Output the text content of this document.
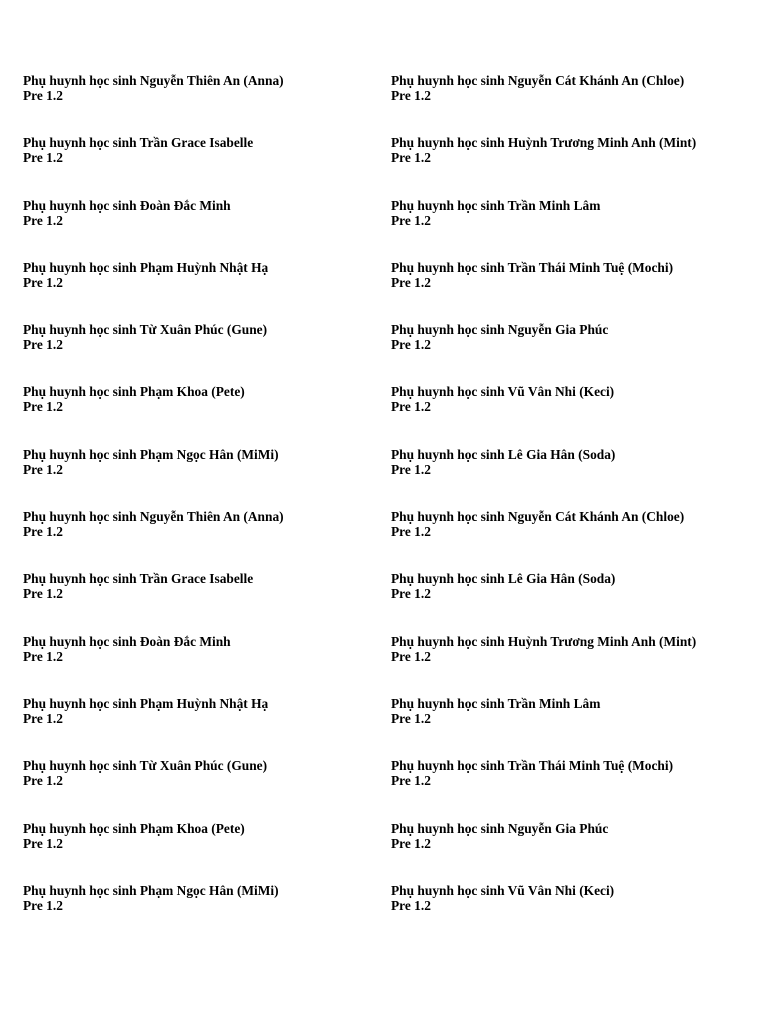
Phụ huynh học sinh Nguyễn Thiên An (Anna)
Pre 1.2
Phụ huynh học sinh Nguyễn Cát Khánh An (Chloe)
Pre 1.2
Phụ huynh học sinh Trần Grace Isabelle
Pre 1.2
Phụ huynh học sinh Huỳnh Trương Minh Anh (Mint)
Pre 1.2
Phụ huynh học sinh Đoàn Đắc Minh
Pre 1.2
Phụ huynh học sinh Trần Minh Lâm
Pre 1.2
Phụ huynh học sinh Phạm Huỳnh Nhật Hạ
Pre 1.2
Phụ huynh học sinh Trần Thái Minh Tuệ (Mochi)
Pre 1.2
Phụ huynh học sinh Từ Xuân Phúc (Gune)
Pre 1.2
Phụ huynh học sinh Nguyễn Gia Phúc
Pre 1.2
Phụ huynh học sinh Phạm Khoa (Pete)
Pre 1.2
Phụ huynh học sinh Vũ Vân Nhi (Keci)
Pre 1.2
Phụ huynh học sinh Phạm Ngọc Hân (MiMi)
Pre 1.2
Phụ huynh học sinh Lê Gia Hân (Soda)
Pre 1.2
Phụ huynh học sinh Nguyễn Thiên An (Anna)
Pre 1.2
Phụ huynh học sinh Nguyễn Cát Khánh An (Chloe)
Pre 1.2
Phụ huynh học sinh Trần Grace Isabelle
Pre 1.2
Phụ huynh học sinh Lê Gia Hân (Soda)
Pre 1.2
Phụ huynh học sinh Đoàn Đắc Minh
Pre 1.2
Phụ huynh học sinh Huỳnh Trương Minh Anh (Mint)
Pre 1.2
Phụ huynh học sinh Phạm Huỳnh Nhật Hạ
Pre 1.2
Phụ huynh học sinh Trần Minh Lâm
Pre 1.2
Phụ huynh học sinh Từ Xuân Phúc (Gune)
Pre 1.2
Phụ huynh học sinh Trần Thái Minh Tuệ (Mochi)
Pre 1.2
Phụ huynh học sinh Phạm Khoa (Pete)
Pre 1.2
Phụ huynh học sinh Nguyễn Gia Phúc
Pre 1.2
Phụ huynh học sinh Phạm Ngọc Hân (MiMi)
Pre 1.2
Phụ huynh học sinh Vũ Vân Nhi (Keci)
Pre 1.2
